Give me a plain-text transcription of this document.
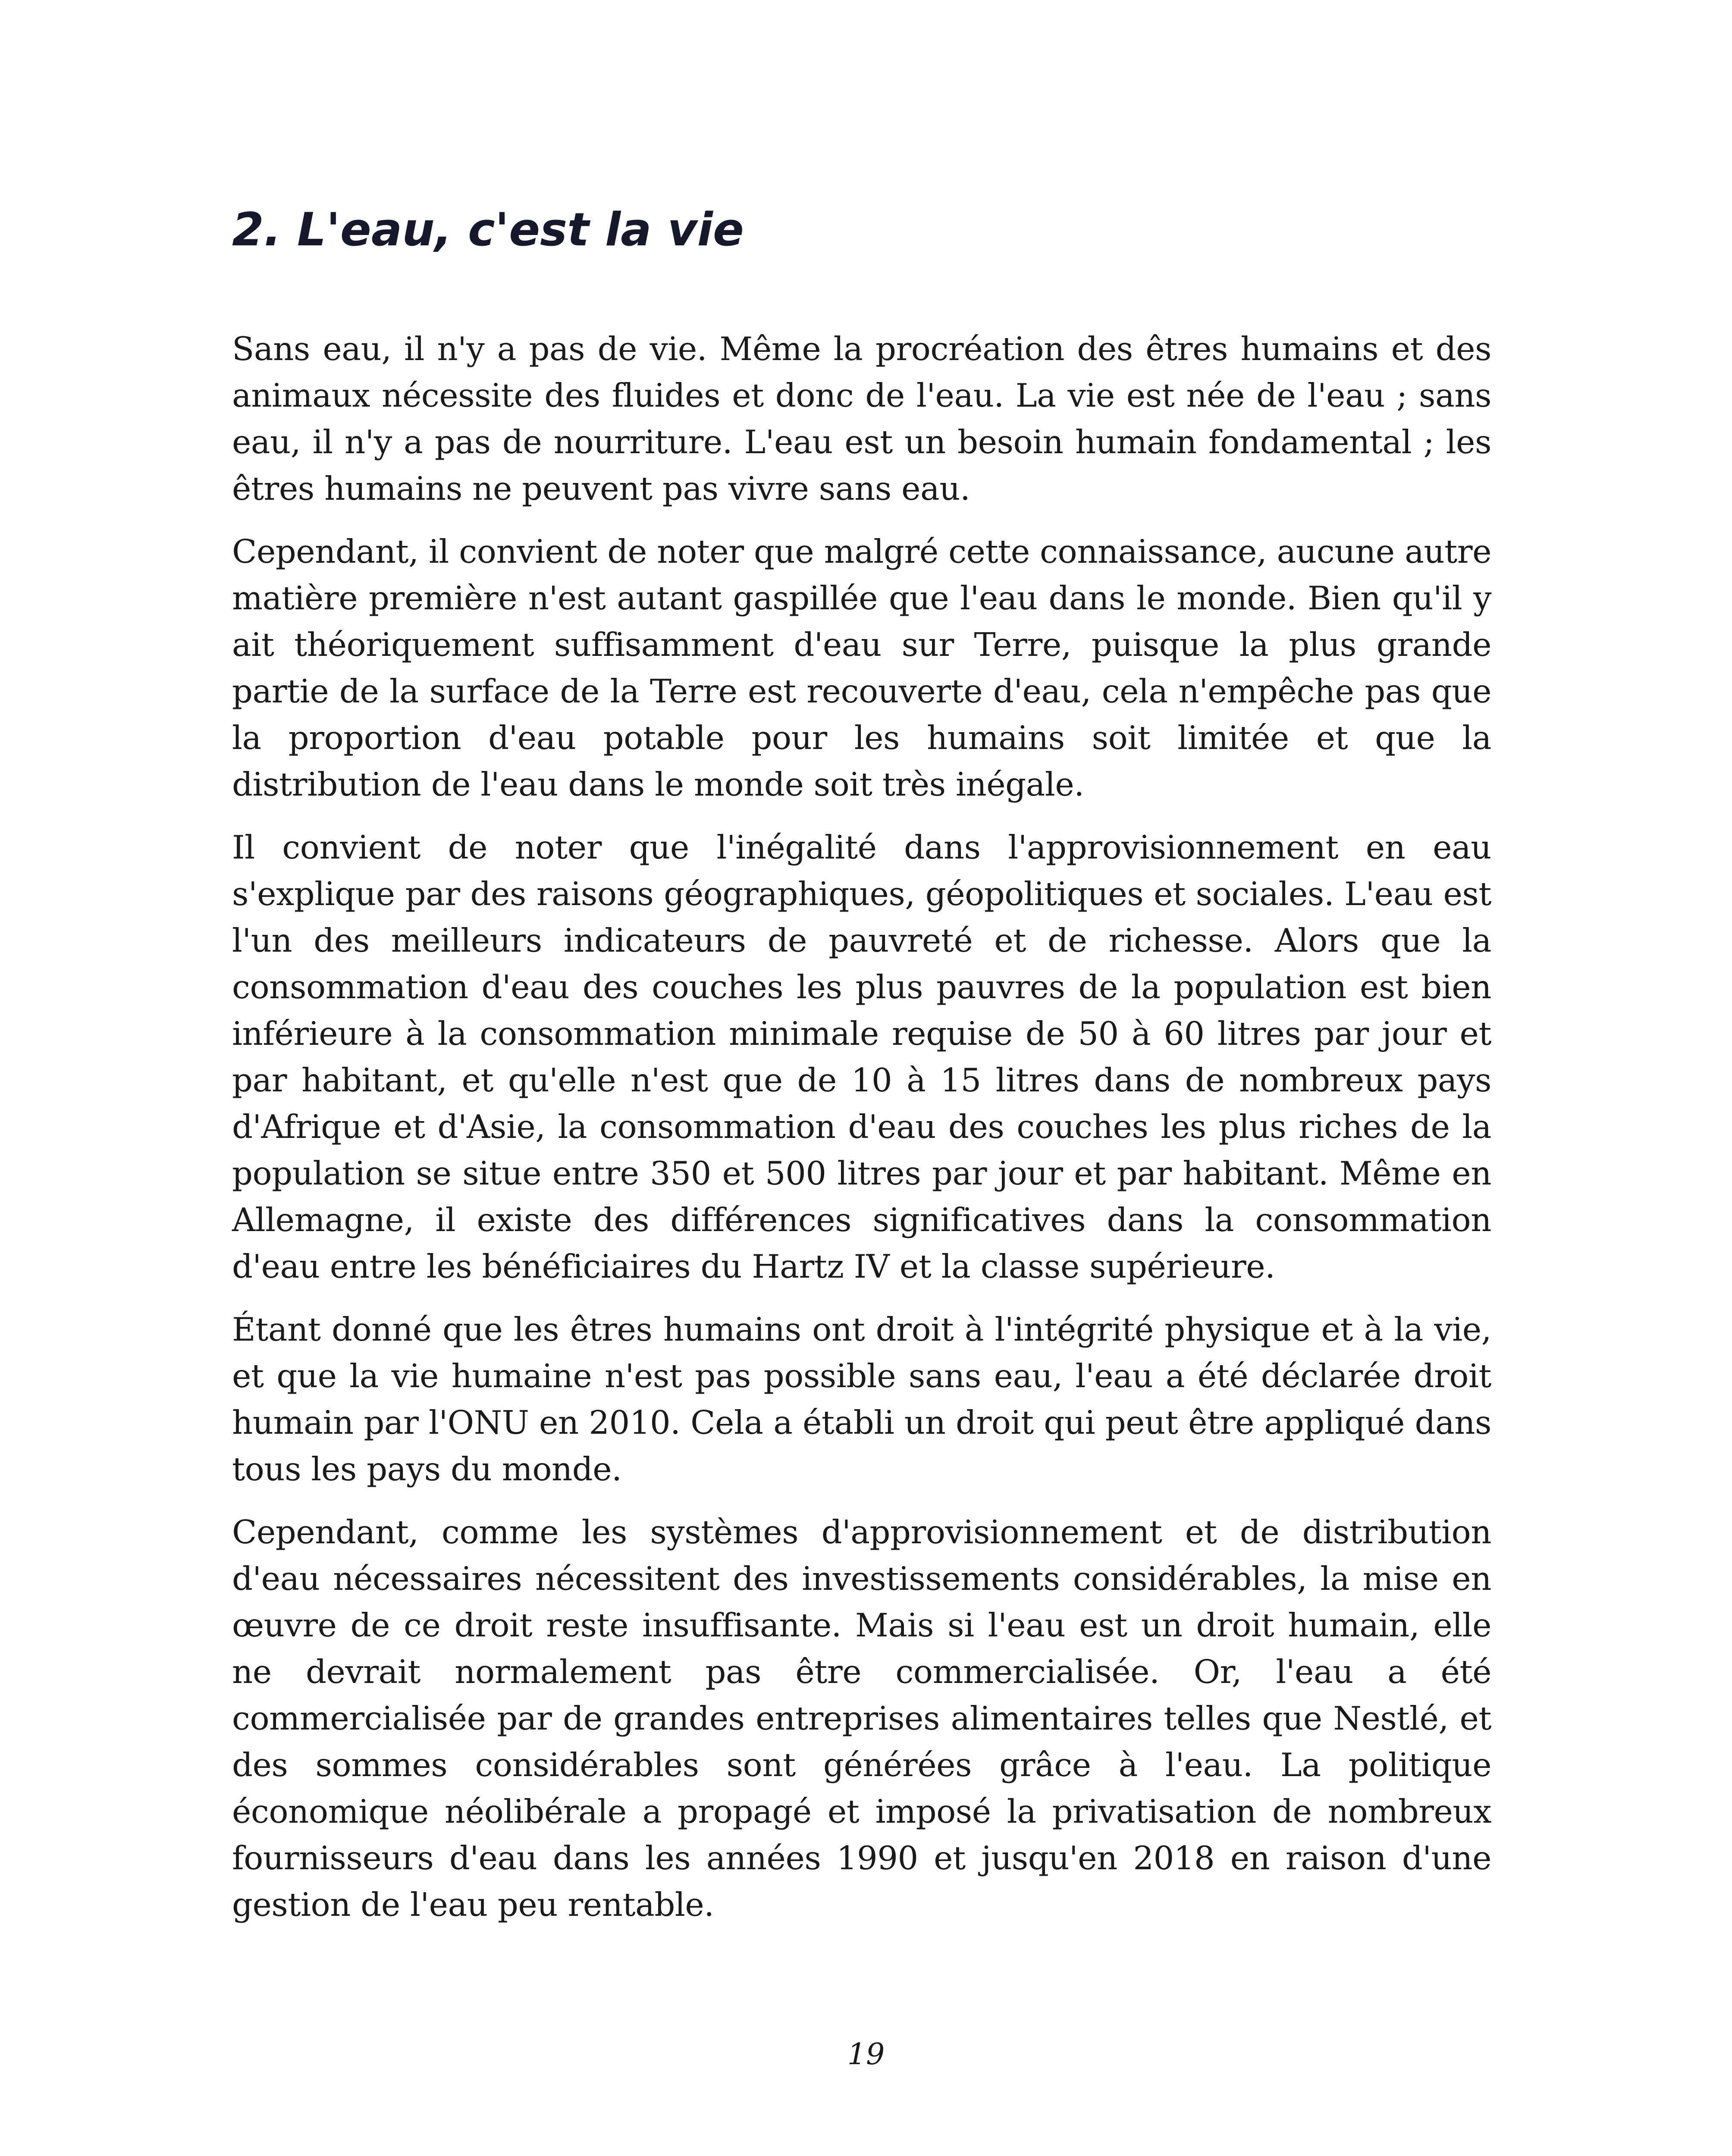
2. L'eau, c'est la vie

Sans eau, il n'y a pas de vie. Même la procréation des êtres humains et des animaux nécessite des fluides et donc de l'eau. La vie est née de l'eau ; sans eau, il n'y a pas de nourriture. L'eau est un besoin humain fondamental ; les êtres humains ne peuvent pas vivre sans eau.

Cependant, il convient de noter que malgré cette connaissance, aucune autre matière première n'est autant gaspillée que l'eau dans le monde. Bien qu'il y ait théoriquement suffisamment d'eau sur Terre, puisque la plus grande partie de la surface de la Terre est recouverte d'eau, cela n'empêche pas que la proportion d'eau potable pour les humains soit limitée et que la distribution de l'eau dans le monde soit très inégale.

Il convient de noter que l'inégalité dans l'approvisionnement en eau s'explique par des raisons géographiques, géopolitiques et sociales. L'eau est l'un des meilleurs indicateurs de pauvreté et de richesse. Alors que la consommation d'eau des couches les plus pauvres de la population est bien inférieure à la consommation minimale requise de 50 à 60 litres par jour et par habitant, et qu'elle n'est que de 10 à 15 litres dans de nombreux pays d'Afrique et d'Asie, la consommation d'eau des couches les plus riches de la population se situe entre 350 et 500 litres par jour et par habitant. Même en Allemagne, il existe des différences significatives dans la consommation d'eau entre les bénéficiaires du Hartz IV et la classe supérieure.

Étant donné que les êtres humains ont droit à l'intégrité physique et à la vie, et que la vie humaine n'est pas possible sans eau, l'eau a été déclarée droit humain par l'ONU en 2010. Cela a établi un droit qui peut être appliqué dans tous les pays du monde.

Cependant, comme les systèmes d'approvisionnement et de distribution d'eau nécessaires nécessitent des investissements considérables, la mise en œuvre de ce droit reste insuffisante. Mais si l'eau est un droit humain, elle ne devrait normalement pas être commercialisée. Or, l'eau a été commercialisée par de grandes entreprises alimentaires telles que Nestlé, et des sommes considérables sont générées grâce à l'eau. La politique économique néolibérale a propagé et imposé la privatisation de nombreux fournisseurs d'eau dans les années 1990 et jusqu'en 2018 en raison d'une gestion de l'eau peu rentable.

19
